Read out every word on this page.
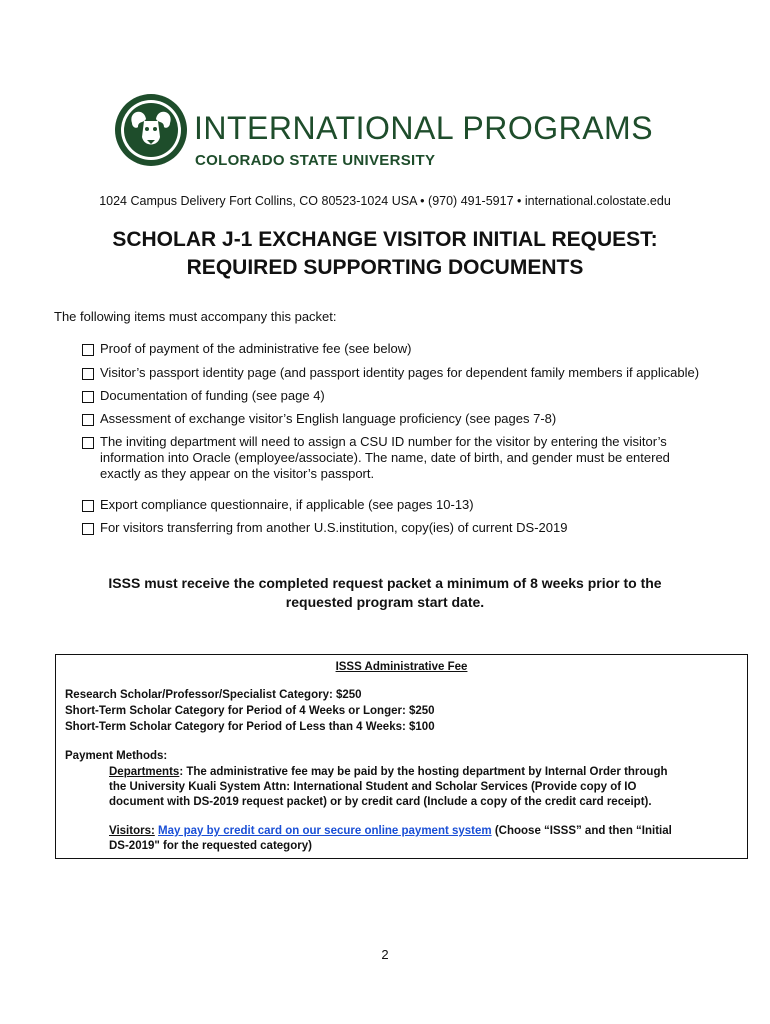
INTERNATIONAL PROGRAMS
COLORADO STATE UNIVERSITY
1024 Campus Delivery Fort Collins, CO 80523-1024 USA • (970) 491-5917 • international.colostate.edu
SCHOLAR J-1 EXCHANGE VISITOR INITIAL REQUEST:
REQUIRED SUPPORTING DOCUMENTS
The following items must accompany this packet:
Proof of payment of the administrative fee (see below)
Visitor’s passport identity page (and passport identity pages for dependent family members if applicable)
Documentation of funding (see page 4)
Assessment of exchange visitor’s English language proficiency (see pages 7-8)
The inviting department will need to assign a CSU ID number for the visitor by entering the visitor’s information into Oracle (employee/associate). The name, date of birth, and gender must be entered exactly as they appear on the visitor’s passport.
Export compliance questionnaire, if applicable (see pages 10-13)
For visitors transferring from another U.S.institution, copy(ies) of current DS-2019
ISSS must receive the completed request packet a minimum of 8 weeks prior to the
requested program start date.
ISSS Administrative Fee
Research Scholar/Professor/Specialist Category: $250
Short-Term Scholar Category for Period of 4 Weeks or Longer: $250
Short-Term Scholar Category for Period of Less than 4 Weeks: $100
Payment Methods:
Departments: The administrative fee may be paid by the hosting department by Internal Order through
the University Kuali System Attn: International Student and Scholar Services (Provide copy of IO
document with DS-2019 request packet) or by credit card (Include a copy of the credit card receipt).
Visitors: May pay by credit card on our secure online payment system (Choose “ISSS” and then “Initial
DS-2019" for the requested category)
2
